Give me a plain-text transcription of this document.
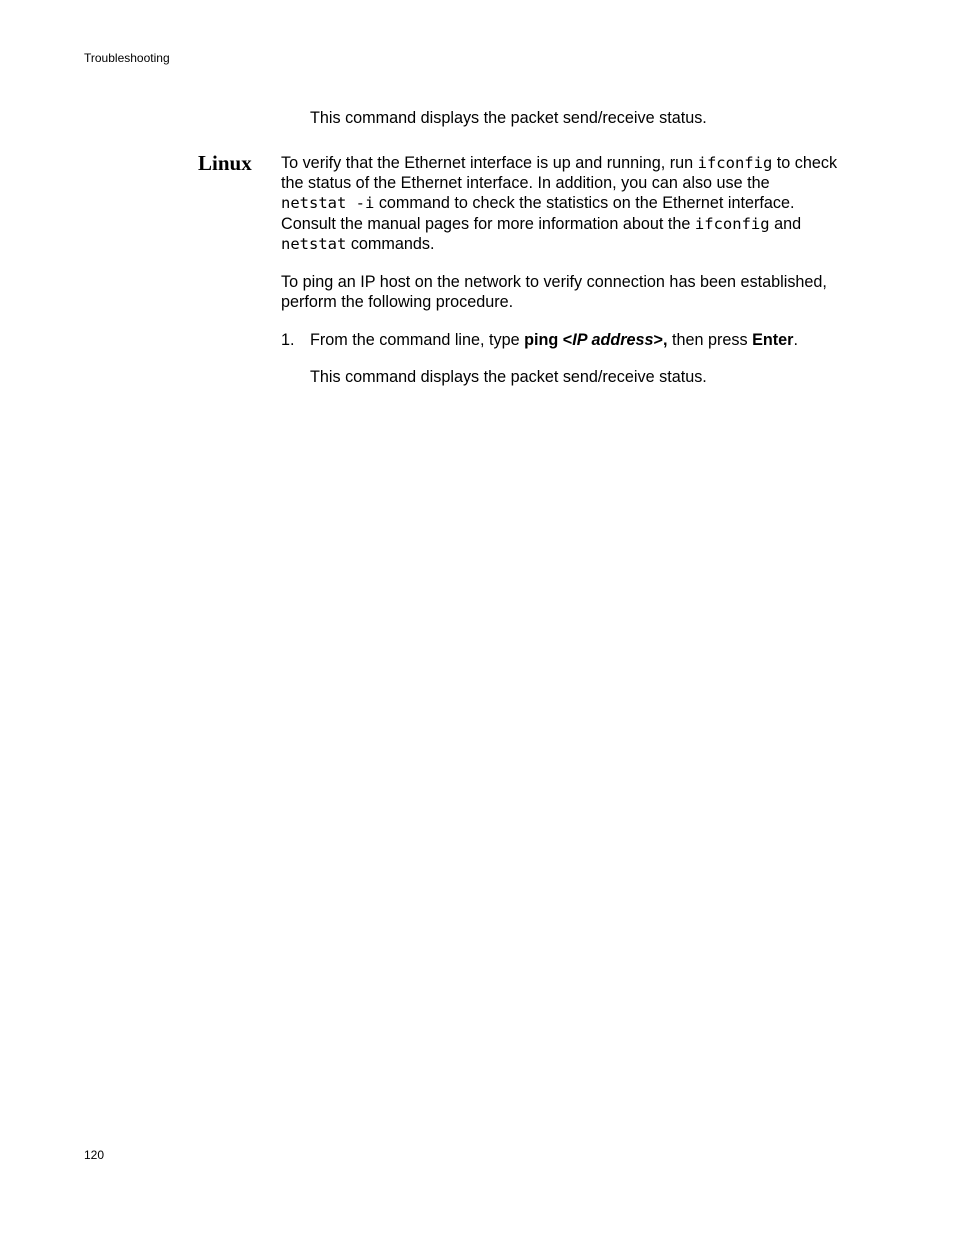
Troubleshooting

This command displays the packet send/receive status.

Linux To verify that the Ethernet interface is up and running, run ifconfig to check the status of the Ethernet interface. In addition, you can also use the netstat -i command to check the statistics on the Ethernet interface. Consult the manual pages for more information about the ifconfig and netstat commands.

To ping an IP host on the network to verify connection has been established, perform the following procedure.

1. From the command line, type ping <IP address>, then press Enter.

This command displays the packet send/receive status.

120
